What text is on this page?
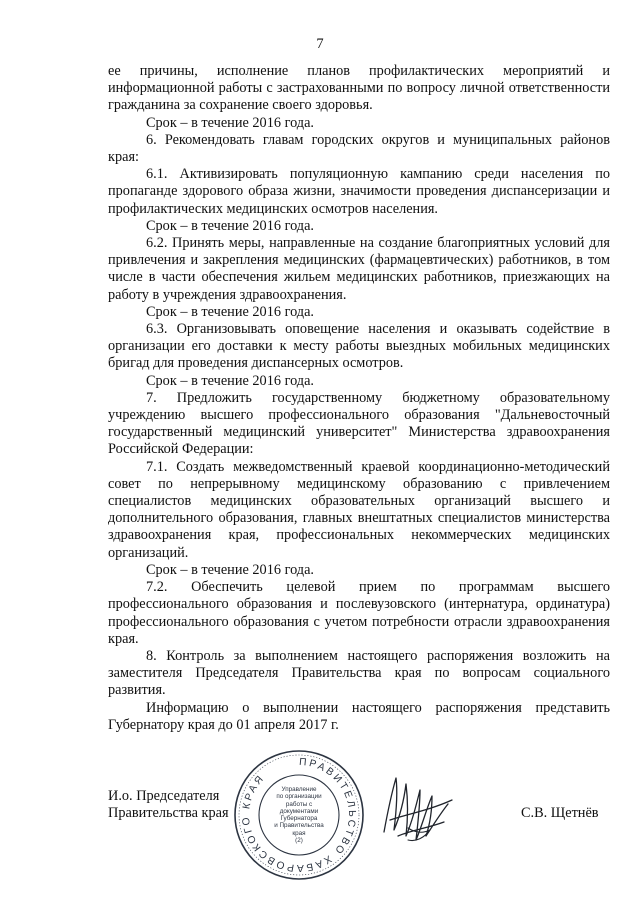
7

ее причины, исполнение планов профилактических мероприятий и информационной работы с застрахованными по вопросу личной ответственности гражданина за сохранение своего здоровья.

Срок – в течение 2016 года.

6. Рекомендовать главам городских округов и муниципальных районов края:

6.1. Активизировать популяционную кампанию среди населения по пропаганде здорового образа жизни, значимости проведения диспансеризации и профилактических медицинских осмотров населения.

Срок – в течение 2016 года.

6.2. Принять меры, направленные на создание благоприятных условий для привлечения и закрепления медицинских (фармацевтических) работников, в том числе в части обеспечения жильем медицинских работников, приезжающих на работу в учреждения здравоохранения.

Срок – в течение 2016 года.

6.3. Организовывать оповещение населения и оказывать содействие в организации его доставки к месту работы выездных мобильных медицинских бригад для проведения диспансерных осмотров.

Срок – в течение 2016 года.

7. Предложить государственному бюджетному образовательному учреждению высшего профессионального образования "Дальневосточный государственный медицинский университет" Министерства здравоохранения Российской Федерации:

7.1. Создать межведомственный краевой координационно-методический совет по непрерывному медицинскому образованию с привлечением специалистов медицинских образовательных организаций высшего и дополнительного образования, главных внештатных специалистов министерства здравоохранения края, профессиональных некоммерческих медицинских организаций.

Срок – в течение 2016 года.

7.2. Обеспечить целевой прием по программам высшего профессионального образования и послевузовского (интернатура, ординатура) профессионального образования с учетом потребности отрасли здравоохранения края.

8. Контроль за выполнением настоящего распоряжения возложить на заместителя Председателя Правительства края по вопросам социального развития.

Информацию о выполнении настоящего распоряжения представить Губернатору края до 01 апреля 2017 г.

И.о. Председателя
Правительства края
ПРАВИТЕЛЬСТВО ХАБАРОВСКОГО КРАЯ
Управление
по организации
работы с документами
Губернатора
и Правительства
края
(2)
С.В. Щетнёв
